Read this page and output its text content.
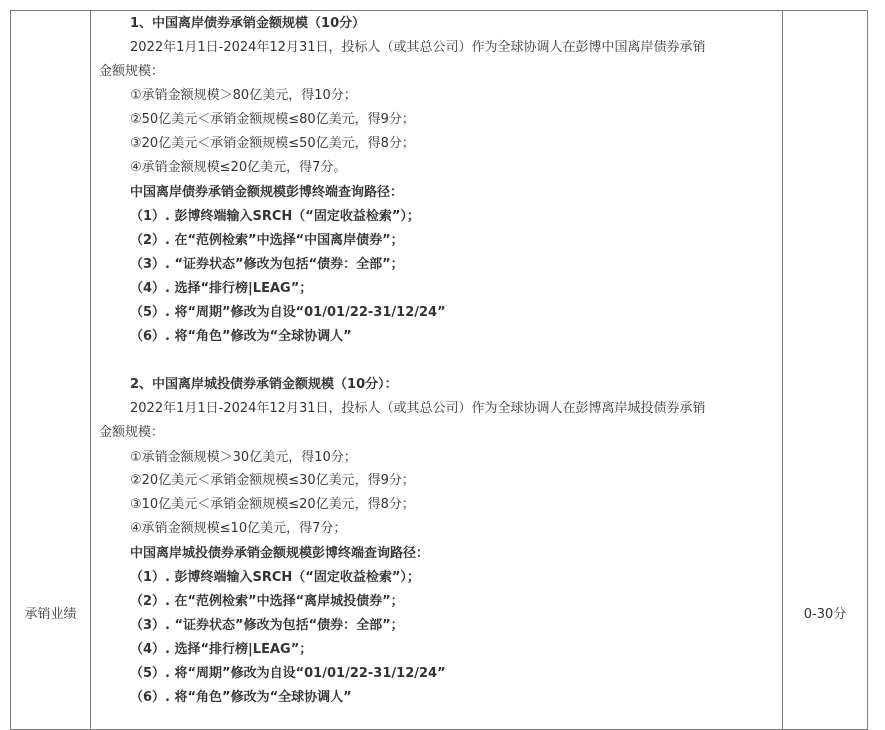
承销业绩	0-30分
1、中国离岸债券承销金额规模（10分）
2022年1月1日-2024年12月31日，投标人（或其总公司）作为全球协调人在彭博中国离岸债券承销
金额规模：
①承销金额规模＞80亿美元，得10分；
②50亿美元＜承销金额规模≤80亿美元，得9分；
③20亿美元＜承销金额规模≤50亿美元，得8分；
④承销金额规模≤20亿美元，得7分。
中国离岸债券承销金额规模彭博终端查询路径：
（1）. 彭博终端输入SRCH（“固定收益检索”）；
（2）. 在“范例检索”中选择“中国离岸债券”；
（3）. “证券状态”修改为包括“债券：全部”；
（4）. 选择“排行榜|LEAG”；
（5）. 将“周期”修改为自设“01/01/22-31/12/24”
（6）. 将“角色”修改为“全球协调人”
2、中国离岸城投债券承销金额规模（10分）：
2022年1月1日-2024年12月31日，投标人（或其总公司）作为全球协调人在彭博离岸城投债券承销
金额规模：
①承销金额规模＞30亿美元，得10分；
②20亿美元＜承销金额规模≤30亿美元，得9分；
③10亿美元＜承销金额规模≤20亿美元，得8分；
④承销金额规模≤10亿美元，得7分；
中国离岸城投债券承销金额规模彭博终端查询路径：
（1）. 彭博终端输入SRCH（“固定收益检索”）；
（2）. 在“范例检索”中选择“离岸城投债券”；
（3）. “证券状态”修改为包括“债券：全部”；
（4）. 选择“排行榜|LEAG”；
（5）. 将“周期”修改为自设“01/01/22-31/12/24”
（6）. 将“角色”修改为“全球协调人”
